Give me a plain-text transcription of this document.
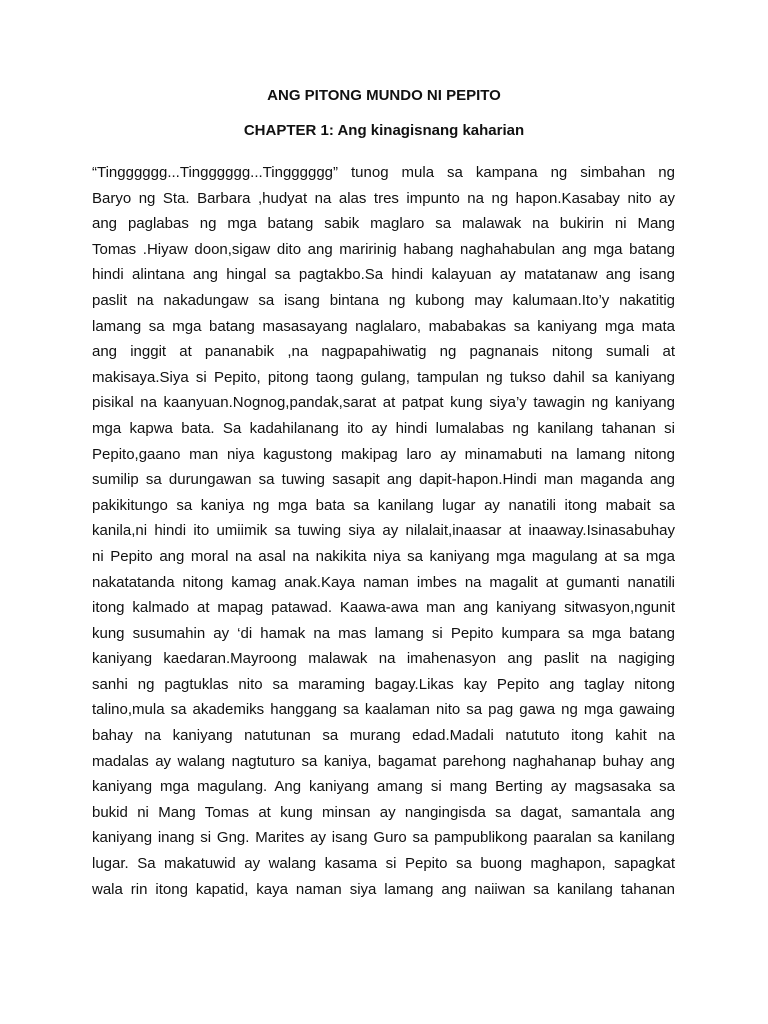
ANG PITONG MUNDO NI PEPITO
CHAPTER 1: Ang kinagisnang kaharian
“Tingggggg...Tingggggg...Tingggggg” tunog mula sa kampana ng simbahan ng
Baryo ng Sta. Barbara ,hudyat na alas tres impunto na ng hapon.Kasabay nito ay
ang paglabas ng mga batang sabik maglaro sa malawak na bukirin ni Mang
Tomas .Hiyaw doon,sigaw dito ang maririnig habang naghahabulan ang mga batang
hindi alintana ang hingal sa pagtakbo.Sa hindi kalayuan ay matatanaw ang isang
paslit na nakadungaw sa isang bintana ng kubong may kalumaan.Ito’y nakatitig
lamang sa mga batang masasayang naglalaro, mababakas sa kaniyang mga mata
ang inggit at pananabik ,na nagpapahiwatig ng pagnanais nitong sumali at
makisaya.Siya si Pepito, pitong taong gulang, tampulan ng tukso dahil sa kaniyang
pisikal na kaanyuan.Nognog,pandak,sarat at patpat kung siya’y tawagin ng kaniyang
mga kapwa bata. Sa kadahilanang ito ay hindi lumalabas ng kanilang tahanan si
Pepito,gaano man niya kagustong makipag laro ay minamabuti na lamang nitong
sumilip sa durungawan sa tuwing sasapit ang dapit-hapon.Hindi man maganda ang
pakikitungo sa kaniya ng mga bata sa kanilang lugar ay nanatili itong mabait sa
kanila,ni hindi ito umiimik sa tuwing siya ay nilalait,inaasar at inaaway.Isinasabuhay
ni Pepito ang moral na asal na nakikita niya sa kaniyang mga magulang at sa mga
nakatatanda nitong kamag anak.Kaya naman imbes na magalit at gumanti nanatili
itong kalmado at mapag patawad. Kaawa-awa man ang kaniyang sitwasyon,ngunit
kung susumahin ay ‘di hamak na mas lamang si Pepito kumpara sa mga batang
kaniyang kaedaran.Mayroong malawak na imahenasyon ang paslit na nagiging
sanhi ng pagtuklas nito sa maraming bagay.Likas kay Pepito ang taglay nitong
talino,mula sa akademiks hanggang sa kaalaman nito sa pag gawa ng mga gawaing
bahay na kaniyang natutunan sa murang edad.Madali natututo itong kahit na
madalas ay walang nagtuturo sa kaniya, bagamat parehong naghahanap buhay ang
kaniyang mga magulang. Ang kaniyang amang si mang Berting ay magsasaka sa
bukid ni Mang Tomas at kung minsan ay nangingisda sa dagat, samantala ang
kaniyang inang si Gng. Marites ay isang Guro sa pampublikong paaralan sa kanilang
lugar. Sa makatuwid ay walang kasama si Pepito sa buong maghapon, sapagkat
wala rin itong kapatid, kaya naman siya lamang ang naiiwan sa kanilang tahanan
